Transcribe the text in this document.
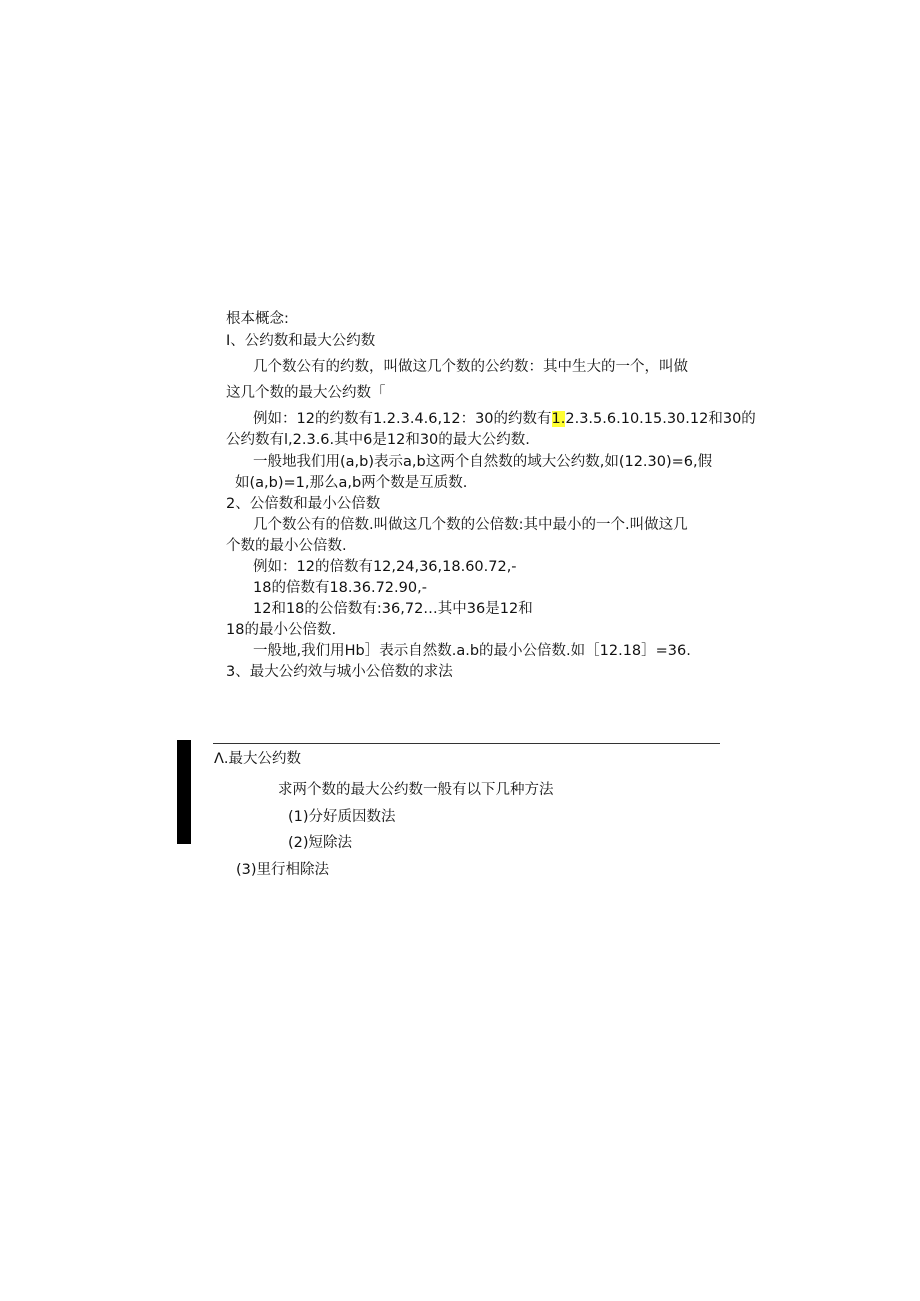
根本概念:
I、公约数和最大公约数
几个数公有的约数，叫做这几个数的公约数：其中生大的一个，叫做
这几个数的最大公约数「
例如：12的约数有1.2.3.4.6,12：30的约数有1.2.3.5.6.10.15.30.12和30的
公约数有l,2.3.6.其中6是12和30的最大公约数.
一般地我们用(a,b)表示a,b这两个自然数的域大公约数,如(12.30)=6,假
如(a,b)=1,那么a,b两个数是互质数.
2、公倍数和最小公倍数
几个数公有的倍数.叫做这几个数的公倍数:其中最小的一个.叫做这几
个数的最小公倍数.
例如：12的倍数有12,24,36,18.60.72,-
18的倍数有18.36.72.90,-
12和18的公倍数有:36,72…其中36是12和
18的最小公倍数.
一般地,我们用Hb］表示自然数.a.b的最小公倍数.如［12.18］=36.
3、最大公约效与城小公倍数的求法
Λ.最大公约数
求两个数的最大公约数一般有以下几种方法
(1)分好质因数法
(2)短除法
(3)里行相除法
